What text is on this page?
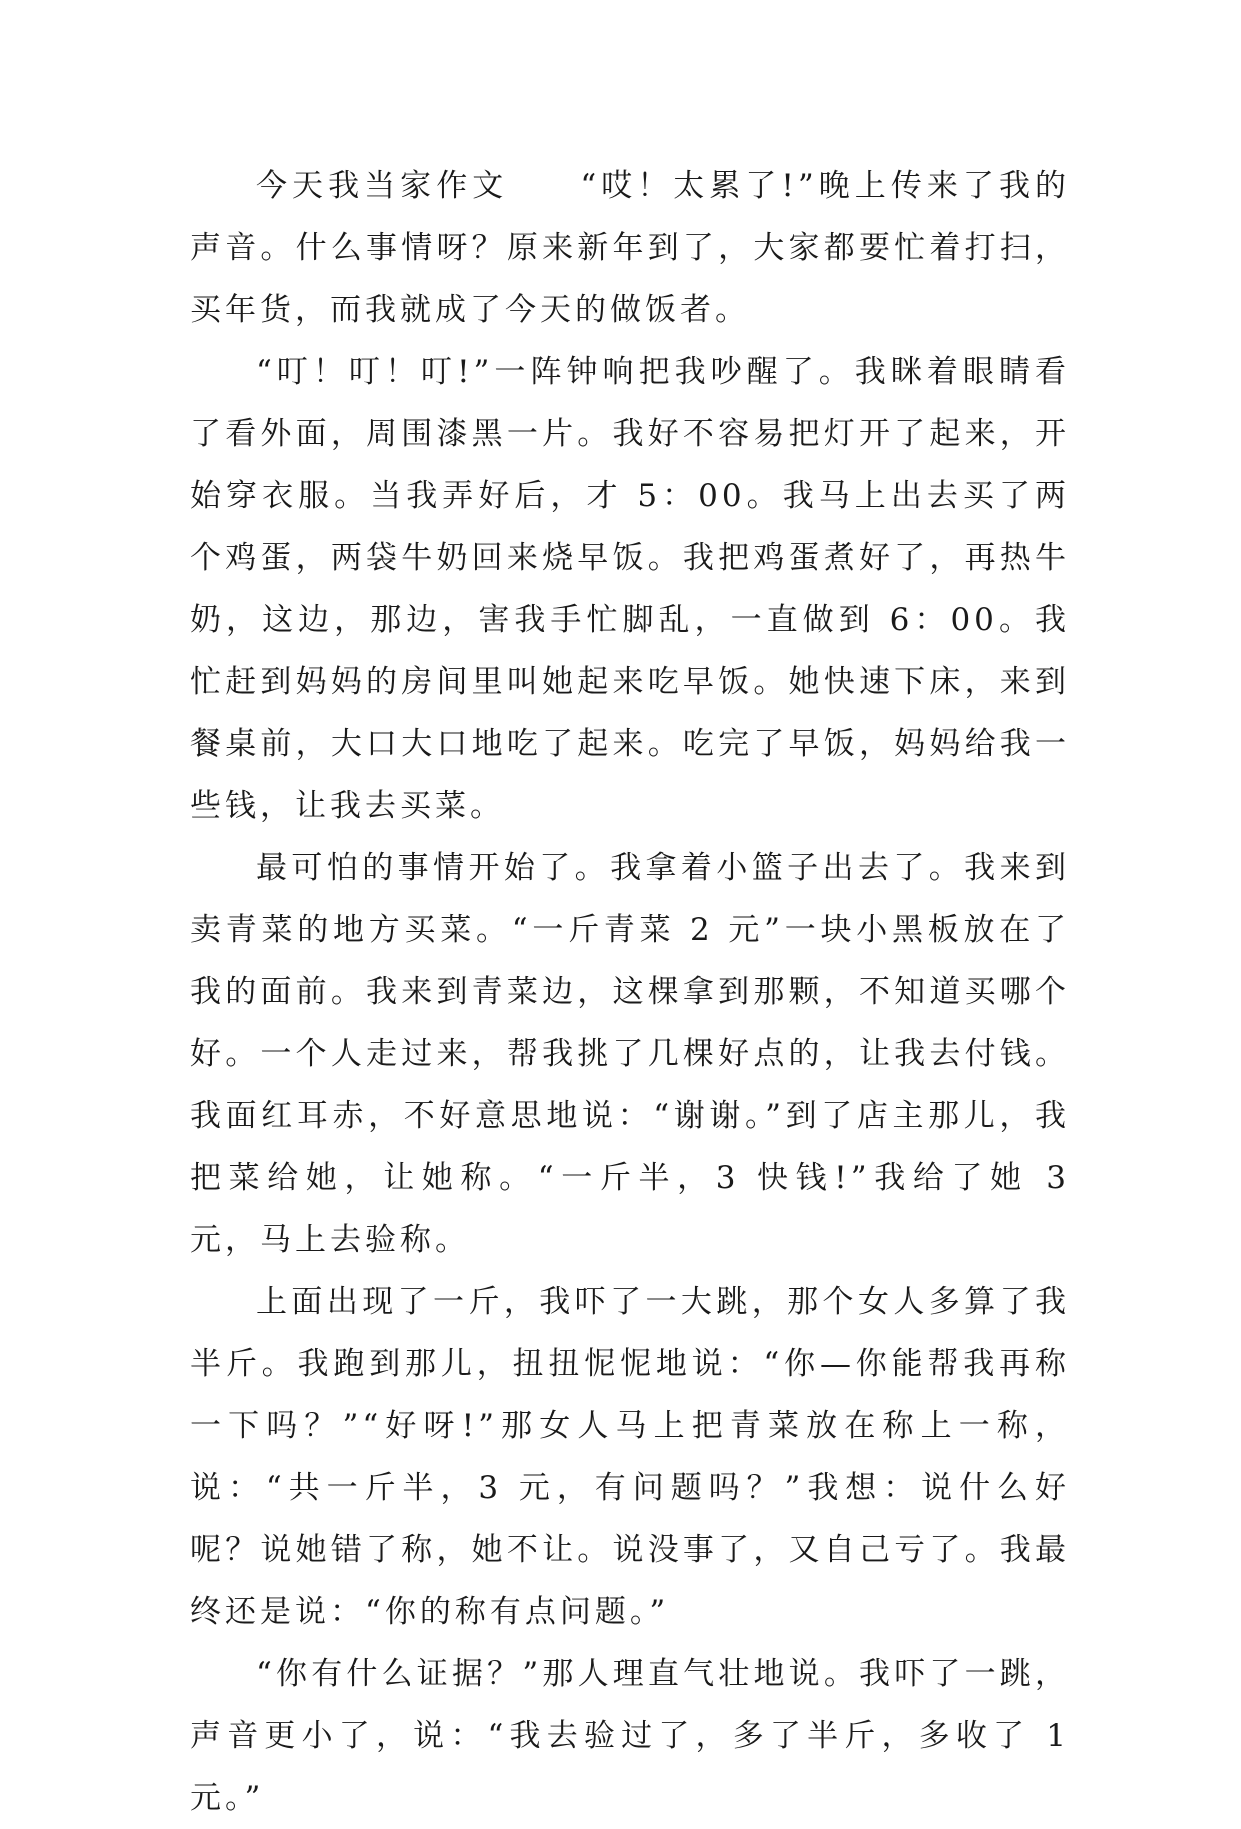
今天我当家作文　　“哎！太累了!”晚上传来了我的声音。什么事情呀？原来新年到了，大家都要忙着打扫，买年货，而我就成了今天的做饭者。

“叮！叮！叮!”一阵钟响把我吵醒了。我眯着眼睛看了看外面，周围漆黑一片。我好不容易把灯开了起来，开始穿衣服。当我弄好后，才 5：00。我马上出去买了两个鸡蛋，两袋牛奶回来烧早饭。我把鸡蛋煮好了，再热牛奶，这边，那边，害我手忙脚乱，一直做到 6：00。我忙赶到妈妈的房间里叫她起来吃早饭。她快速下床，来到餐桌前，大口大口地吃了起来。吃完了早饭，妈妈给我一些钱，让我去买菜。

最可怕的事情开始了。我拿着小篮子出去了。我来到卖青菜的地方买菜。“一斤青菜 2 元”一块小黑板放在了我的面前。我来到青菜边，这棵拿到那颗，不知道买哪个好。一个人走过来，帮我挑了几棵好点的，让我去付钱。我面红耳赤，不好意思地说：“谢谢。”到了店主那儿，我把菜给她，让她称。“一斤半，3 快钱!”我给了她 3 元，马上去验称。

上面出现了一斤，我吓了一大跳，那个女人多算了我半斤。我跑到那儿，扭扭怩怩地说：“你—你能帮我再称一下吗？”“好呀!”那女人马上把青菜放在称上一称，说：“共一斤半，3 元，有问题吗？”我想：说什么好呢？说她错了称，她不让。说没事了，又自己亏了。我最终还是说：“你的称有点问题。”

“你有什么证据？”那人理直气壮地说。我吓了一跳，声音更小了，说：“我去验过了，多了半斤，多收了 1 元。”
